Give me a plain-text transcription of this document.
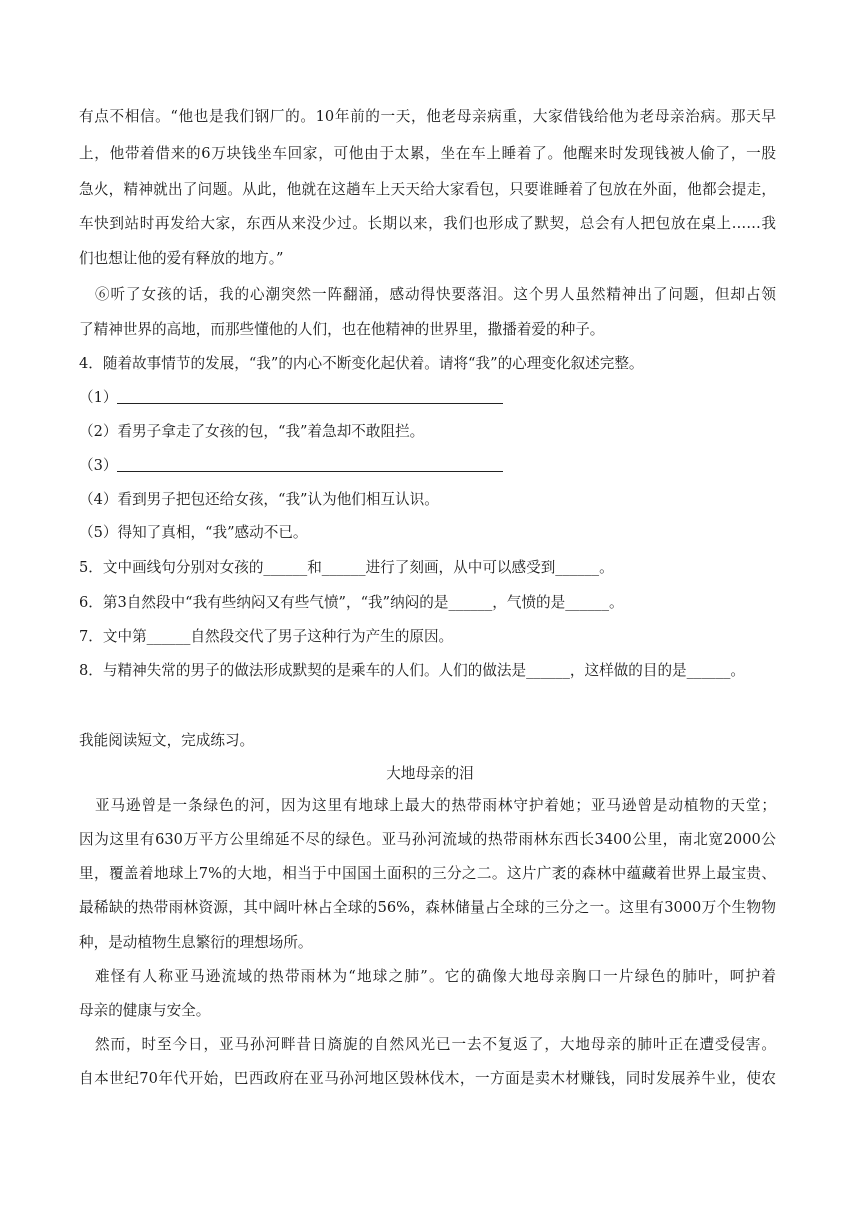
有点不相信。“他也是我们钢厂的。10年前的一天，他老母亲病重，大家借钱给他为老母亲治病。那天早
上，他带着借来的6万块钱坐车回家，可他由于太累，坐在车上睡着了。他醒来时发现钱被人偷了，一股
急火，精神就出了问题。从此，他就在这趟车上天天给大家看包，只要谁睡着了包放在外面，他都会提走，
车快到站时再发给大家，东西从来没少过。长期以来，我们也形成了默契，总会有人把包放在桌上……我
们也想让他的爱有释放的地方。”
⑥听了女孩的话，我的心潮突然一阵翻涌，感动得快要落泪。这个男人虽然精神出了问题，但却占领
了精神世界的高地，而那些懂他的人们，也在他精神的世界里，撒播着爱的种子。
4．随着故事情节的发展，“我”的内心不断变化起伏着。请将“我”的心理变化叙述完整。
（1）
（2）看男子拿走了女孩的包，“我”着急却不敢阻拦。
（3）
（4）看到男子把包还给女孩，“我”认为他们相互认识。
（5）得知了真相，“我”感动不已。
5．文中画线句分别对女孩的______和______进行了刻画，从中可以感受到______。
6．第3自然段中“我有些纳闷又有些气愤”，“我”纳闷的是______，气愤的是______。
7．文中第______自然段交代了男子这种行为产生的原因。
8．与精神失常的男子的做法形成默契的是乘车的人们。人们的做法是______，这样做的目的是______。
我能阅读短文，完成练习。
大地母亲的泪
亚马逊曾是一条绿色的河，因为这里有地球上最大的热带雨林守护着她；亚马逊曾是动植物的天堂；
因为这里有630万平方公里绵延不尽的绿色。亚马孙河流域的热带雨林东西长3400公里，南北宽2000公
里，覆盖着地球上7%的大地，相当于中国国土面积的三分之二。这片广袤的森林中蕴藏着世界上最宝贵、
最稀缺的热带雨林资源，其中阔叶林占全球的56%，森林储量占全球的三分之一。这里有3000万个生物物
种，是动植物生息繁衍的理想场所。
难怪有人称亚马逊流域的热带雨林为“地球之肺”。它的确像大地母亲胸口一片绿色的肺叶，呵护着
母亲的健康与安全。
然而，时至今日，亚马孙河畔昔日旖旎的自然风光已一去不复返了，大地母亲的肺叶正在遭受侵害。
自本世纪70年代开始，巴西政府在亚马孙河地区毁林伐木，一方面是卖木材赚钱，同时发展养牛业，使农
